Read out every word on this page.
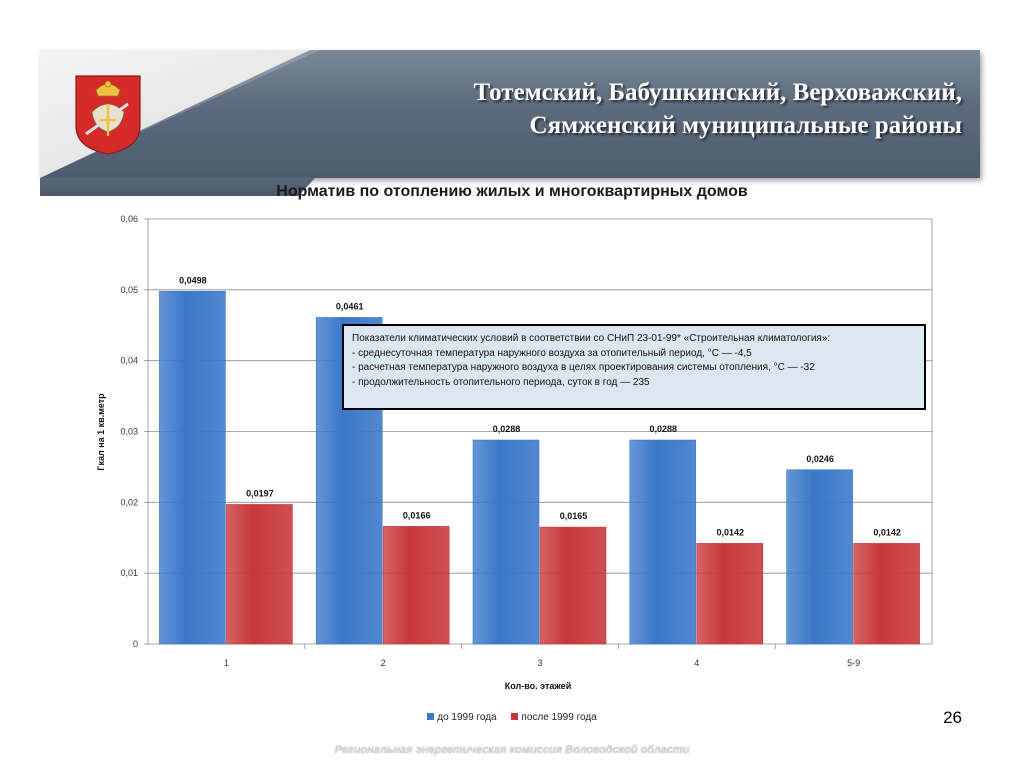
Тотемский, Бабушкинский, Верховажский,
Сямженский муниципальные районы
Норматив по отоплению жилых и многоквартирных домов
0,0498
0,0197
0,0461
0,0166
0,0288
0,0165
0,0288
0,0142
0,0246
0,0142
0
0,01
0,02
0,03
0,04
0,05
0,06
1	2	3	4	5-9
Гкал на 1 кв.метр
Кол-во. этажей
Показатели климатических условий в соответствии со СНиП 23-01-99* «Строительная климатология»:
- среднесуточная температура наружного воздуха за отопительный период, °С — -4,5
- расчетная температура наружного воздуха в целях проектирования системы отопления, °С — -32
- продолжительность отопительного периода, суток в год — 235
до 1999 года после 1999 года	26
Региональная энергетическая комиссия Вологодской области
